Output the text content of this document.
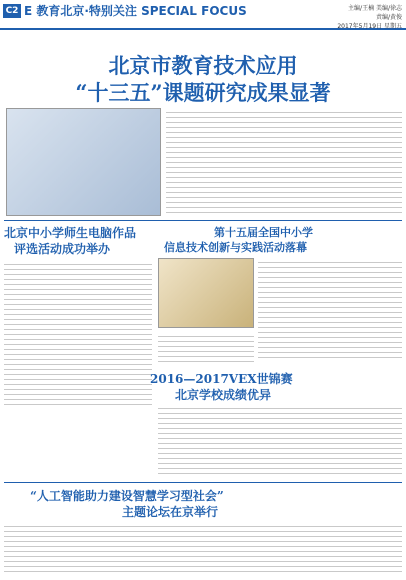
C2 E 教育北京·特别关注 SPECIAL FOCUS	主编/王楠 美编/徐志
责编/黄俊
2017年5月19日 星期五
北京市教育技术应用
“十三五”课题研究成果显著
北京中小学师生电脑作品
评选活动成功举办
第十五届全国中小学
信息技术创新与实践活动落幕
2016—2017VEX世锦赛
北京学校成绩优异
“人工智能助力建设智慧学习型社会”
主题论坛在京举行
